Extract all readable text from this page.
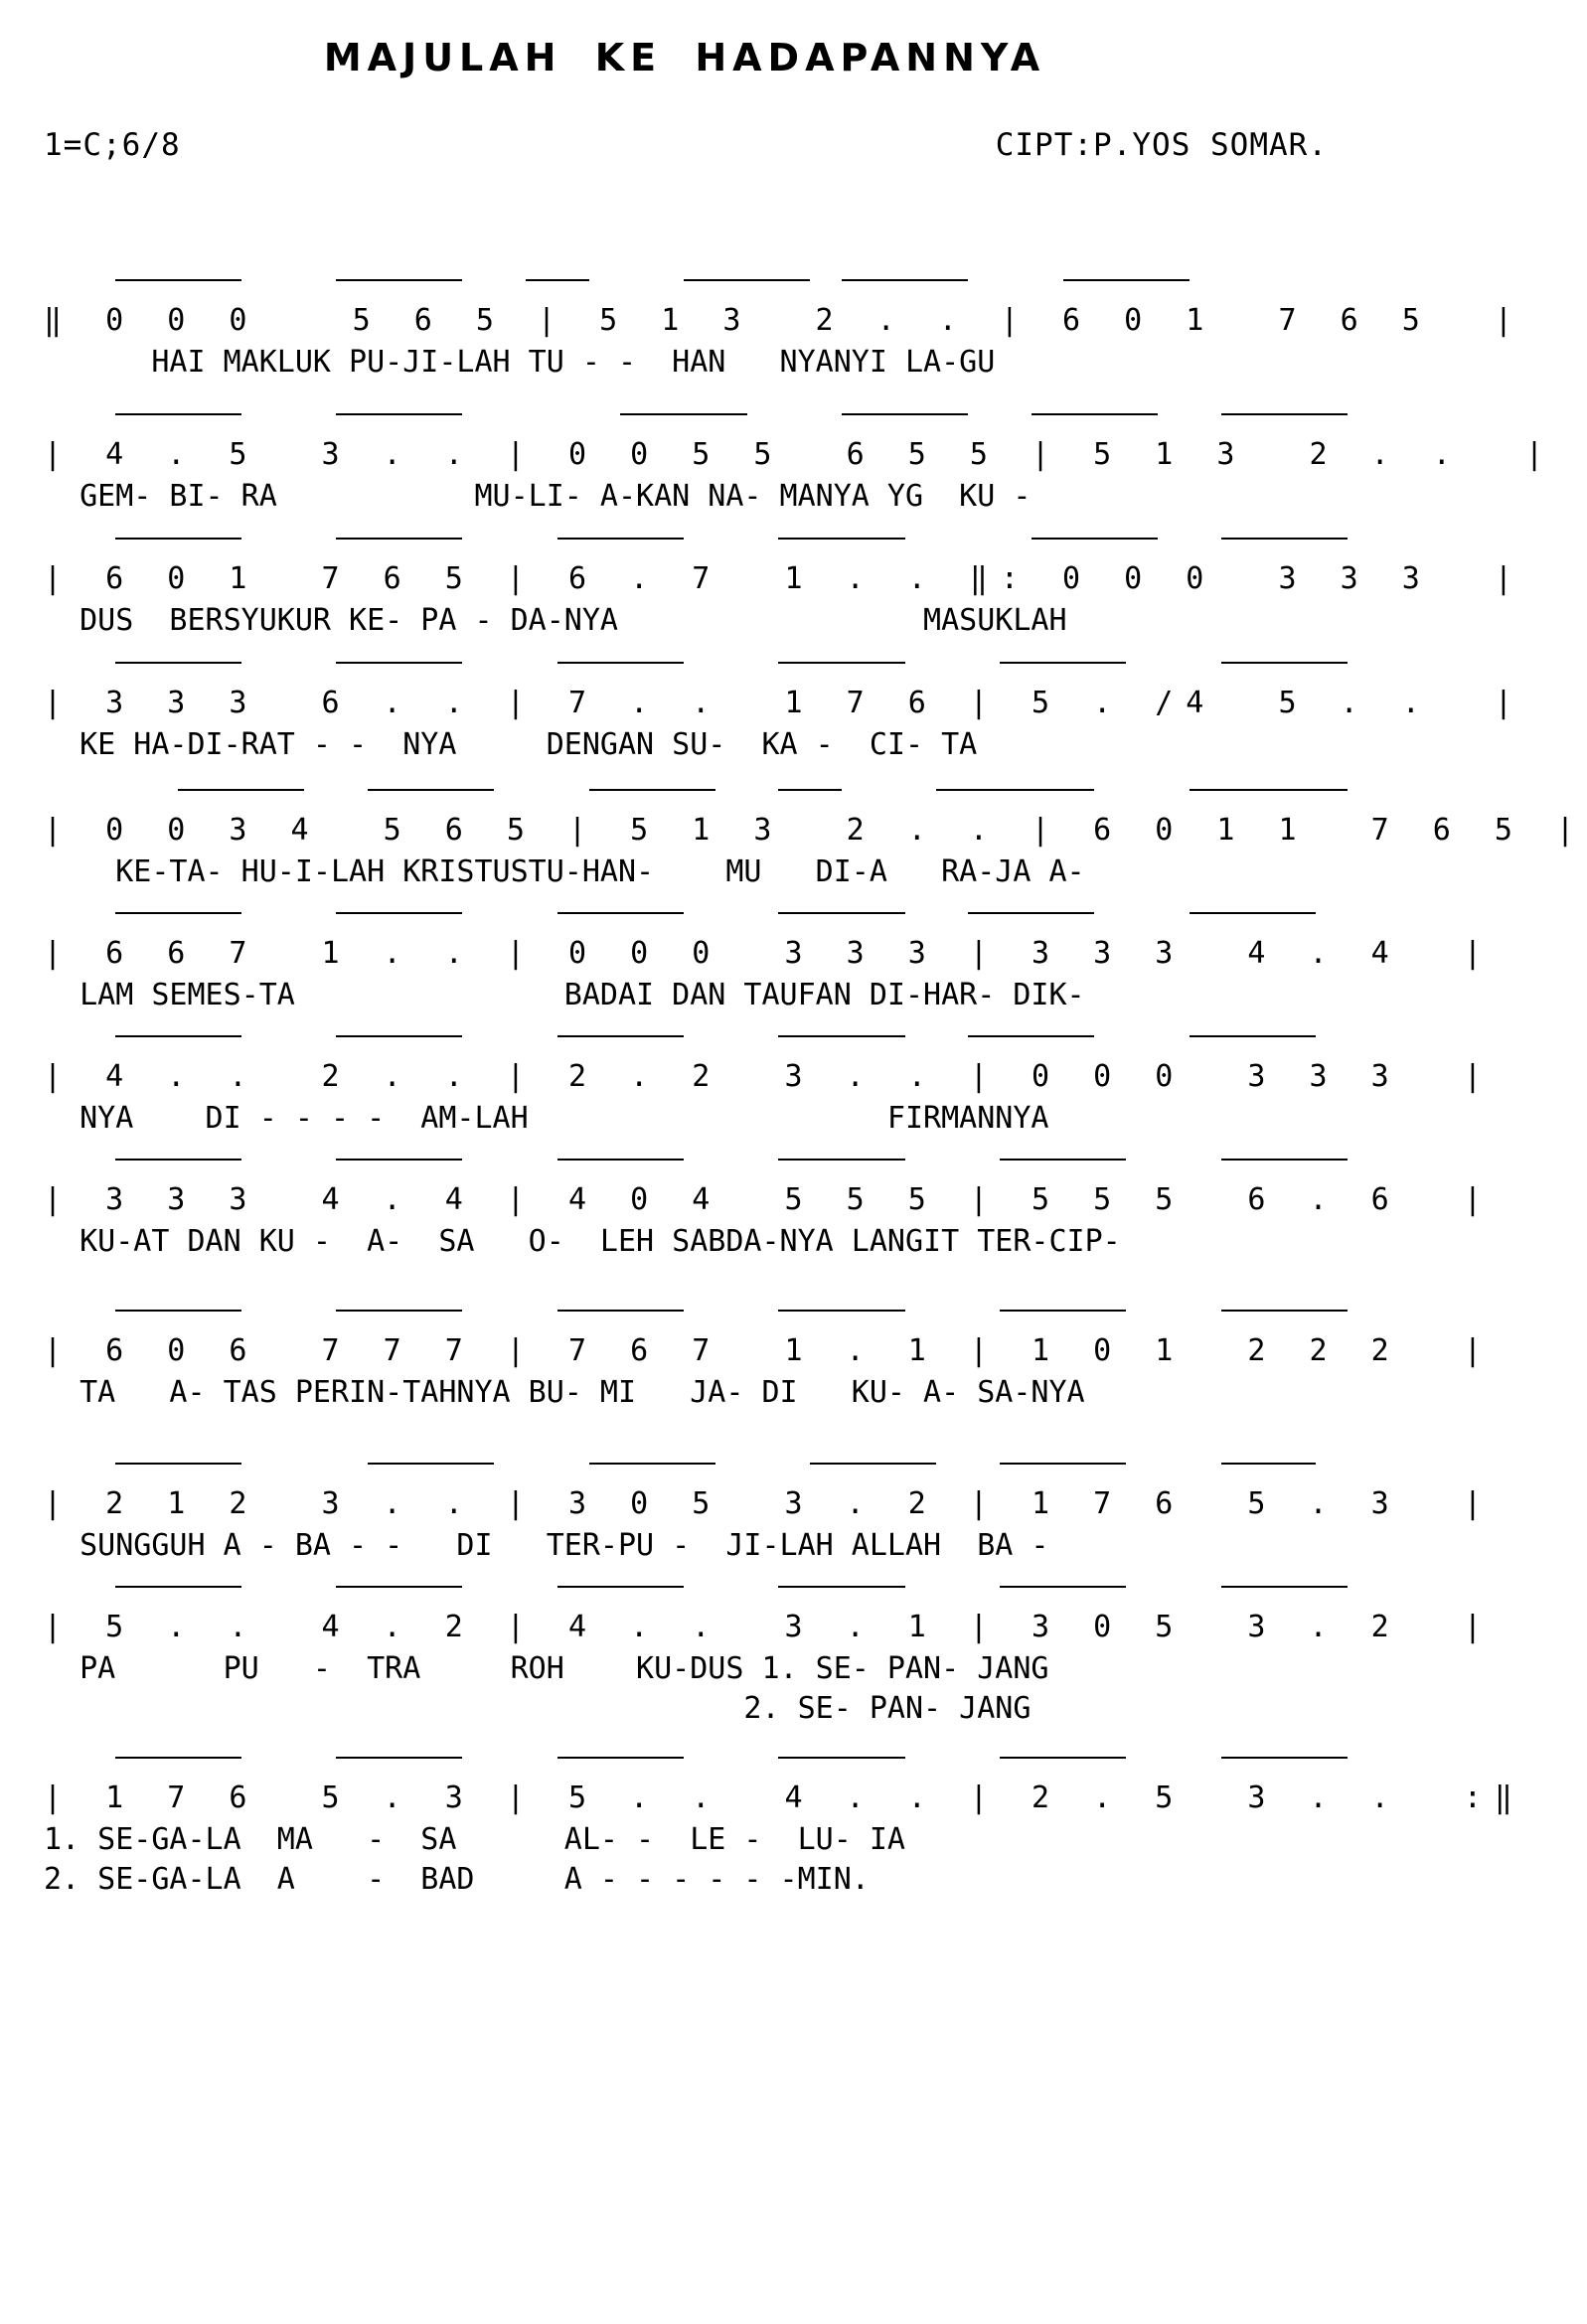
MAJULAH KE HADAPANNYA
1=C;6/8	CIPT:P.YOS SOMAR.
‖ 0 0 0   5 6 5 | 5 1 3  2 . . | 6 0 1  7 6 5  |
HAI MAKLUK PU-JI-LAH TU - -  HAN   NYANYI LA-GU
| 4 . 5  3 . . | 0 0 5 5  6 5 5 | 5 1 3  2 . .  |
GEM- BI- RA           MU-LI- A-KAN NA- MANYA YG  KU -
| 6 0 1  7 6 5 | 6 . 7  1 . . ‖: 0 0 0  3 3 3  |
DUS  BERSYUKUR KE- PA - DA-NYA                 MASUKLAH
| 3 3 3  6 . . | 7 . .  1 7 6 | 5 . /4  5 . .  |
KE HA-DI-RAT - -  NYA     DENGAN SU-  KA -  CI- TA
| 0 0 3 4  5 6 5 | 5 1 3  2 . . | 6 0 1 1  7 6 5 |
KE-TA- HU-I-LAH KRISTUSTU-HAN-    MU   DI-A   RA-JA A-
| 6 6 7  1 . . | 0 0 0  3 3 3 | 3 3 3  4 . 4  |
LAM SEMES-TA               BADAI DAN TAUFAN DI-HAR- DIK-
| 4 . .  2 . . | 2 . 2  3 . . | 0 0 0  3 3 3  |
NYA    DI - - - -  AM-LAH                    FIRMANNYA
| 3 3 3  4 . 4 | 4 0 4  5 5 5 | 5 5 5  6 . 6  |
KU-AT DAN KU -  A-  SA   O-  LEH SABDA-NYA LANGIT TER-CIP-
| 6 0 6  7 7 7 | 7 6 7  1 . 1 | 1 0 1  2 2 2  |
TA   A- TAS PERIN-TAHNYA BU- MI   JA- DI   KU- A- SA-NYA
| 2 1 2  3 . . | 3 0 5  3 . 2 | 1 7 6  5 . 3  |
SUNGGUH A - BA - -   DI   TER-PU -  JI-LAH ALLAH  BA -
| 5 . .  4 . 2 | 4 . .  3 . 1 | 3 0 5  3 . 2  |
PA      PU   -  TRA     ROH    KU-DUS 1. SE- PAN- JANG
2. SE- PAN- JANG
| 1 7 6  5 . 3 | 5 . .  4 . . | 2 . 5  3 . .  :‖
1. SE-GA-LA  MA   -  SA      AL- -  LE -  LU- IA
2. SE-GA-LA  A    -  BAD     A - - - - - -MIN.
